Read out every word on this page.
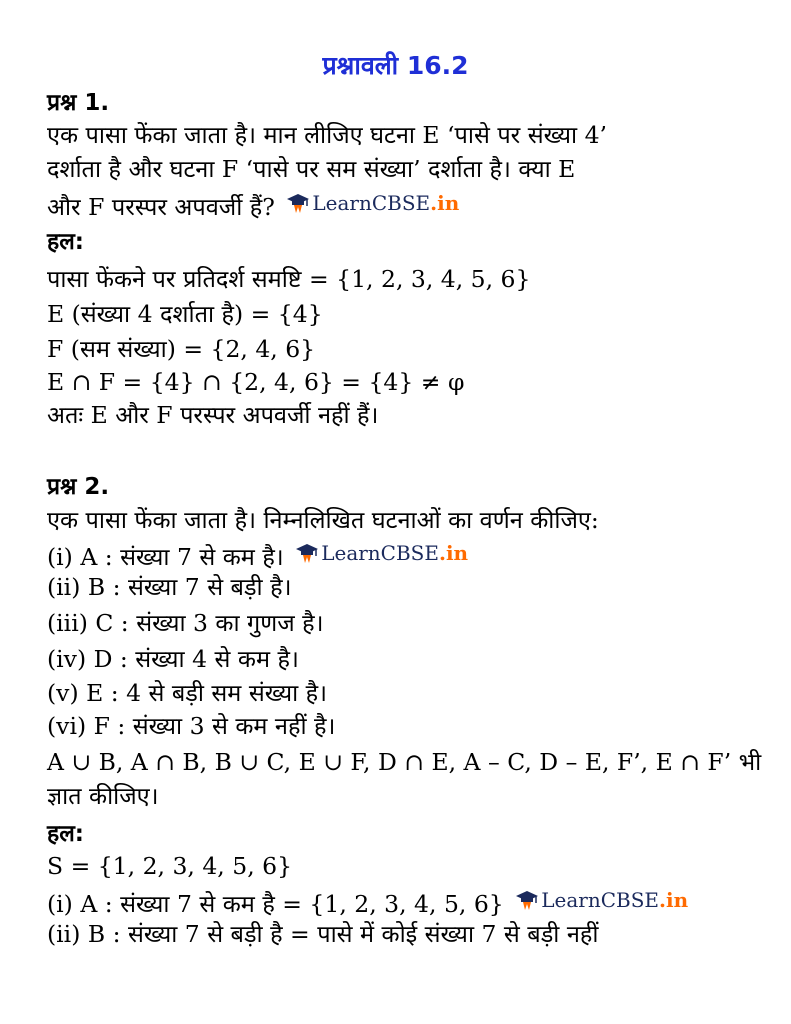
प्रश्नावली 16.2
प्रश्न 1.
एक पासा फेंका जाता है। मान लीजिए घटना E ‘पासे पर संख्या 4’
दर्शाता है और घटना F ‘पासे पर सम संख्या’ दर्शाता है। क्या E
और F परस्पर अपवर्जी हैं? LearnCBSE .in
हल:
पासा फेंकने पर प्रतिदर्श समष्टि = {1, 2, 3, 4, 5, 6}
E (संख्या 4 दर्शाता है) = {4}
F (सम संख्या) = {2, 4, 6}
E ∩ F = {4} ∩ {2, 4, 6} = {4} ≠ φ
अतः E और F परस्पर अपवर्जी नहीं हैं।
प्रश्न 2.
एक पासा फेंका जाता है। निम्नलिखित घटनाओं का वर्णन कीजिए:
(i) A : संख्या 7 से कम है। LearnCBSE .in
(ii) B : संख्या 7 से बड़ी है।
(iii) C : संख्या 3 का गुणज है।
(iv) D : संख्या 4 से कम है।
(v) E : 4 से बड़ी सम संख्या है।
(vi) F : संख्या 3 से कम नहीं है।
A ∪ B, A ∩ B, B ∪ C, E ∪ F, D ∩ E, A – C, D – E, F’, E ∩ F’ भी
ज्ञात कीजिए।
हल:
S = {1, 2, 3, 4, 5, 6}
(i) A : संख्या 7 से कम है = {1, 2, 3, 4, 5, 6} LearnCBSE .in
(ii) B : संख्या 7 से बड़ी है = पासे में कोई संख्या 7 से बड़ी नहीं
